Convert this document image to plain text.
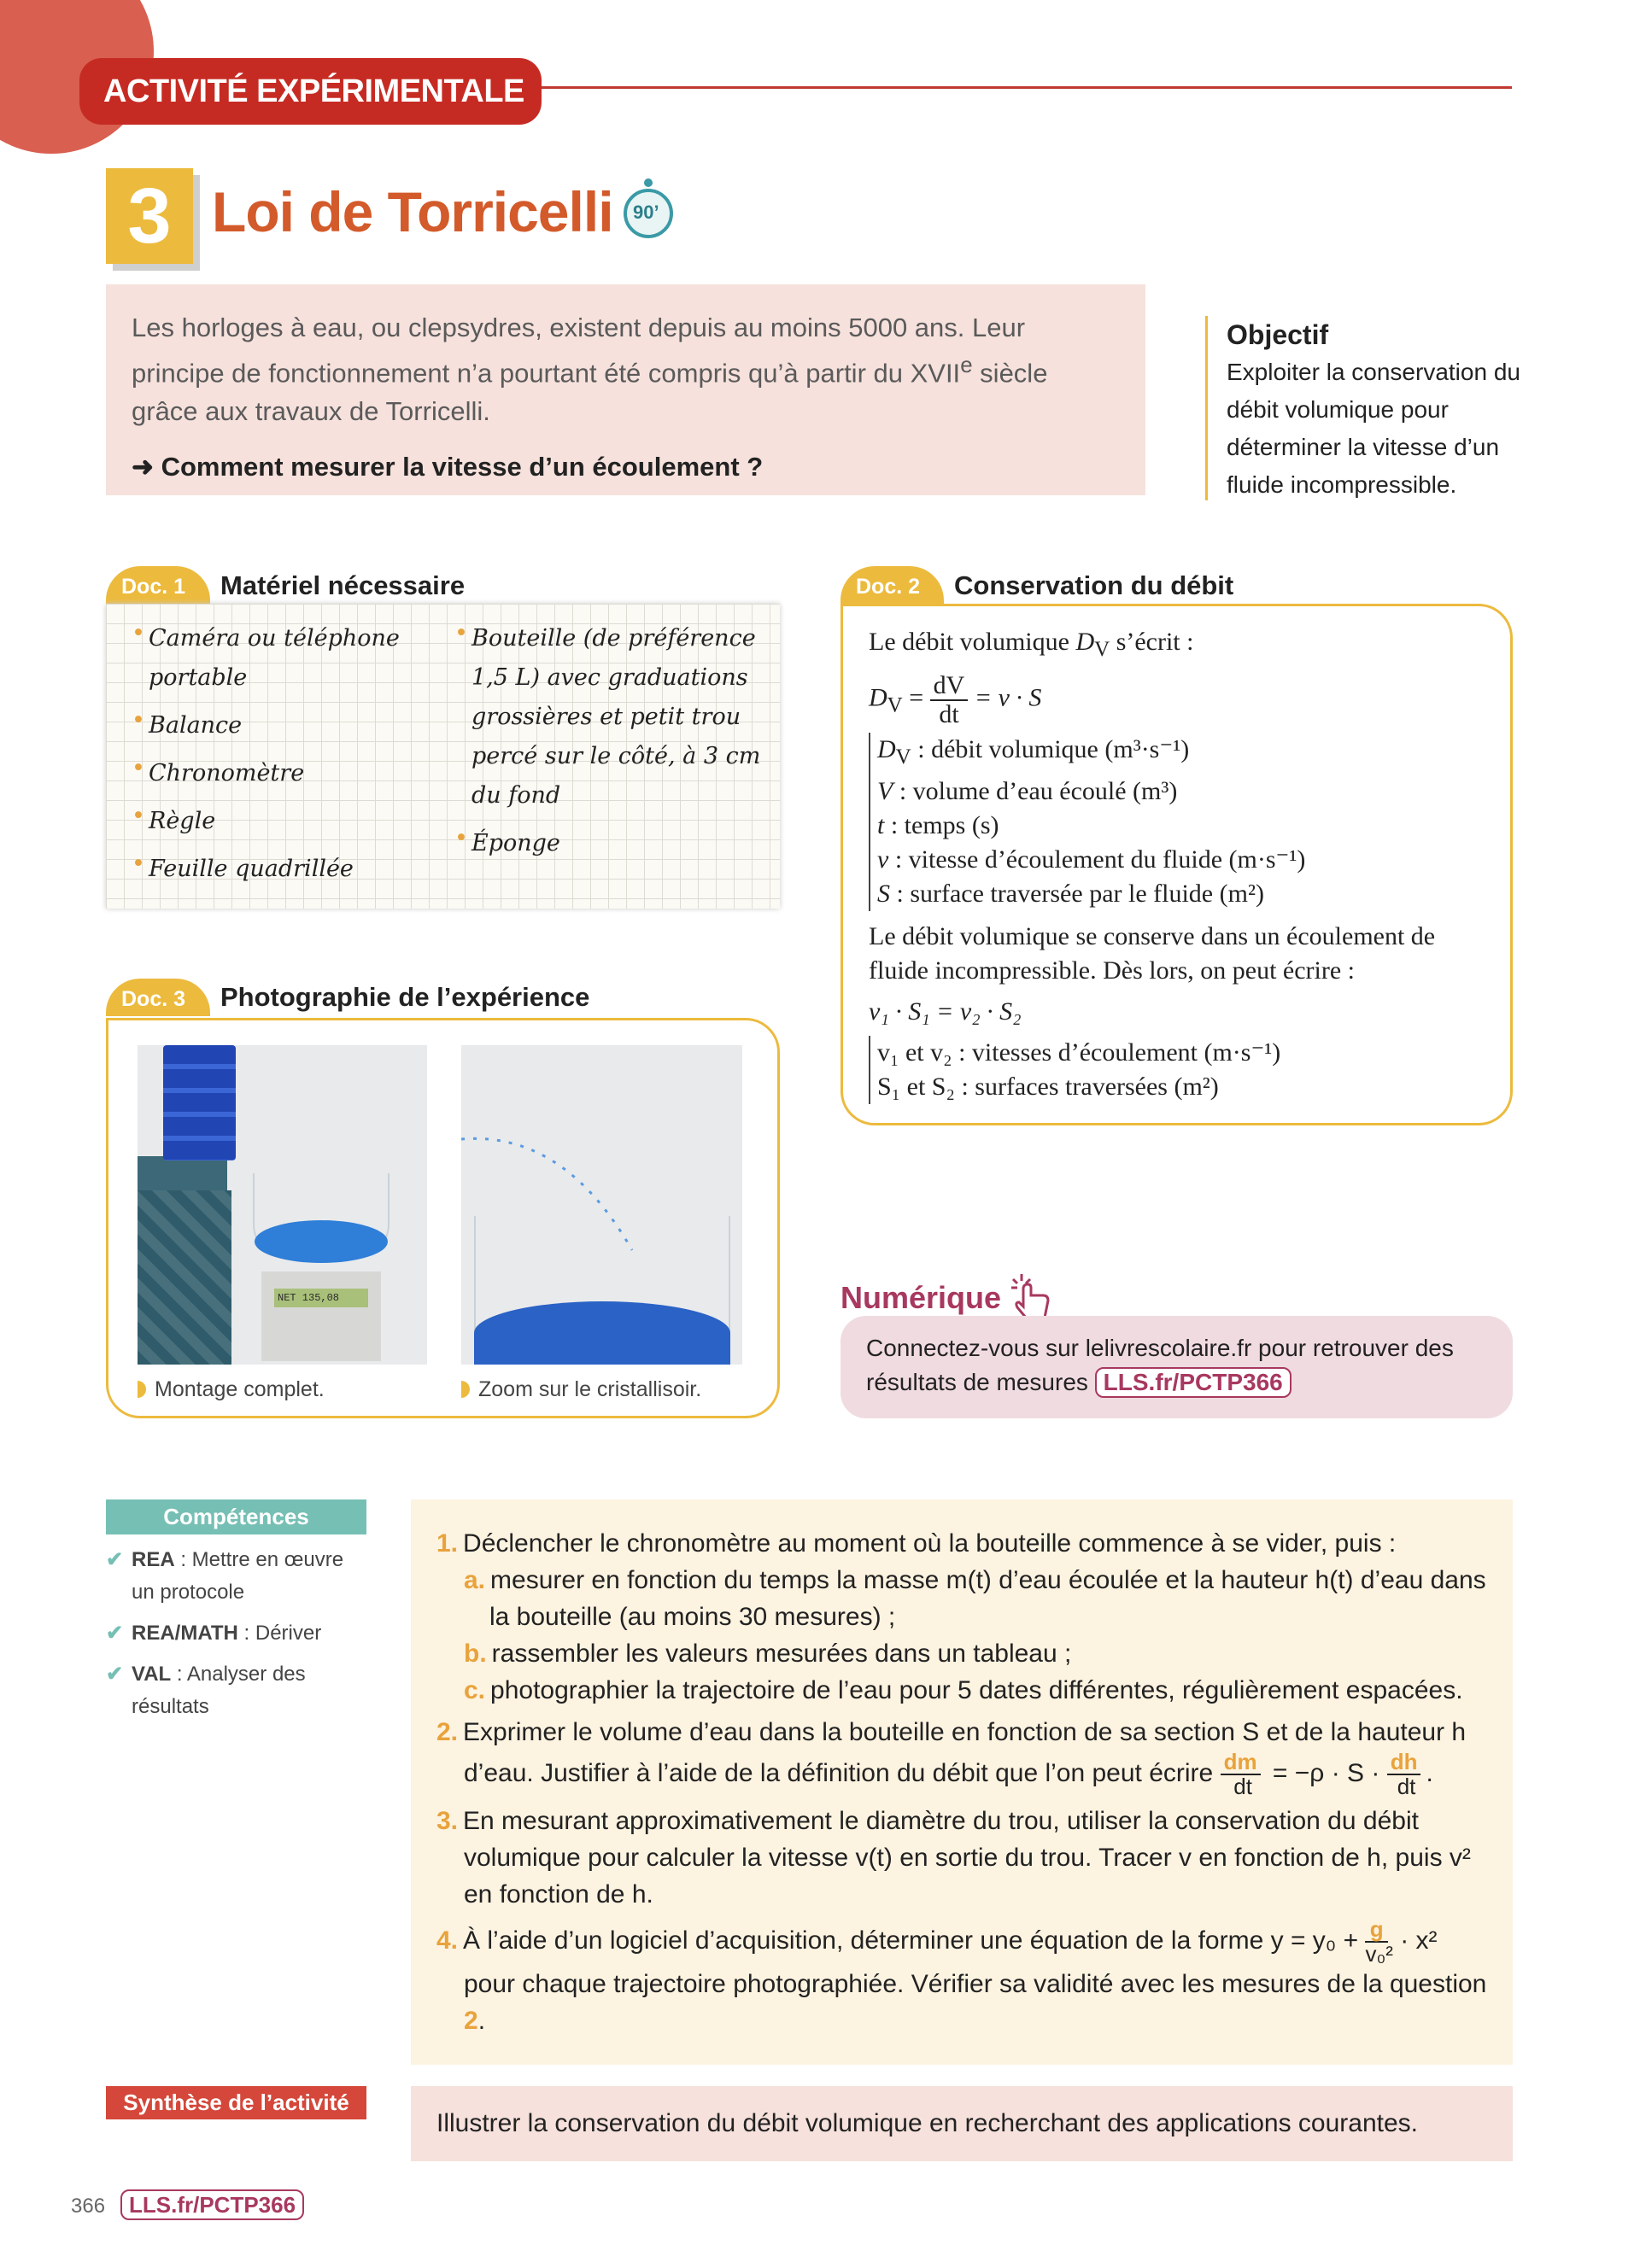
ACTIVITÉ EXPÉRIMENTALE
3 Loi de Torricelli 90’

Les horloges à eau, ou clepsydres, existent depuis au moins 5000 ans. Leur principe de fonctionnement n’a pourtant été compris qu’à partir du XVIIe siècle grâce aux travaux de Torricelli.

➜ Comment mesurer la vitesse d’un écoulement ?

Objectif

Exploiter la conservation du débit volumique pour déterminer la vitesse d’un fluide incompressible.

Doc. 1	Matériel nécessaire
• Caméra ou téléphone portable
• Balance
• Chronomètre
• Règle
• Feuille quadrillée
• Bouteille (de préférence 1,5 L) avec graduations grossières et petit trou percé sur le côté, à 3 cm du fond
• Éponge
Doc. 3	Photographie de l’expérience
NET 135,08
Montage complet.	Zoom sur le cristallisoir.
Doc. 2	Conservation du débit

Le débit volumique $D_V$ s’écrit :

$D_V = \frac{dV}{dt} = v \cdot S$

$D_V$ : débit volumique (m³·s⁻¹)
V : volume d’eau écoulé (m³)
t : temps (s)
v : vitesse d’écoulement du fluide (m·s⁻¹)
S : surface traversée par le fluide (m²)

Le débit volumique se conserve dans un écoulement de fluide incompressible. Dès lors, on peut écrire :

v₁ · S₁ = v₂ · S₂

v₁ et v₂ : vitesses d’écoulement (m·s⁻¹)
S₁ et S₂ : surfaces traversées (m²)
Numérique
Connectez-vous sur lelivrescolaire.fr pour retrouver des résultats de mesures LLS.fr/PCTP366
Compétences
✔ REA : Mettre en œuvre un protocole
✔ REA/MATH : Dériver
✔ VAL : Analyser des résultats
1. Déclencher le chronomètre au moment où la bouteille commence à se vider, puis :
a. mesurer en fonction du temps la masse m(t) d’eau écoulée et la hauteur h(t) d’eau dans la bouteille (au moins 30 mesures) ;
b. rassembler les valeurs mesurées dans un tableau ;
c. photographier la trajectoire de l’eau pour 5 dates différentes, régulièrement espacées.
2. Exprimer le volume d’eau dans la bouteille en fonction de sa section S et de la hauteur h d’eau. Justifier à l’aide de la définition du débit que l’on peut écrire $\frac{dm}{dt} = -\rho \cdot S \cdot \frac{dh}{dt}$ .
3. En mesurant approximativement le diamètre du trou, utiliser la conservation du débit volumique pour calculer la vitesse v(t) en sortie du trou. Tracer v en fonction de h, puis v² en fonction de h.
4. À l’aide d’un logiciel d’acquisition, déterminer une équation de la forme $y = y_0 + \frac{g}{\text{v₀²}} \cdot x^2$ pour chaque trajectoire photographiée. Vérifier sa validité avec les mesures de la question 2.
Synthèse de l’activité
Illustrer la conservation du débit volumique en recherchant des applications courantes.
366	LLS.fr/PCTP366
